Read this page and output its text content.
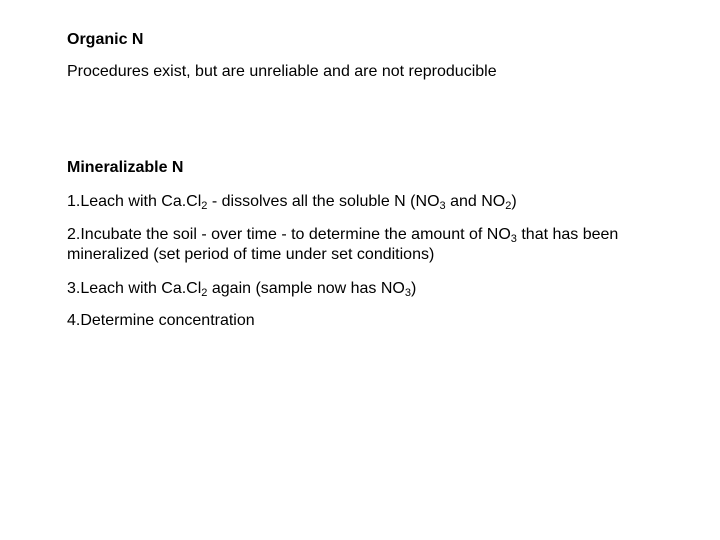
Organic N
Procedures exist, but are unreliable and are not reproducible
Mineralizable N
1.Leach with $Ca.Cl_2$ - dissolves all the soluble N ($NO_3$ and $NO_2$)
2.Incubate the soil - over time - to determine the amount of $NO_3$ that has been mineralized (set period of time under set conditions)
3.Leach with $Ca.Cl_2$ again (sample now has $NO_3$)
4.Determine concentration
